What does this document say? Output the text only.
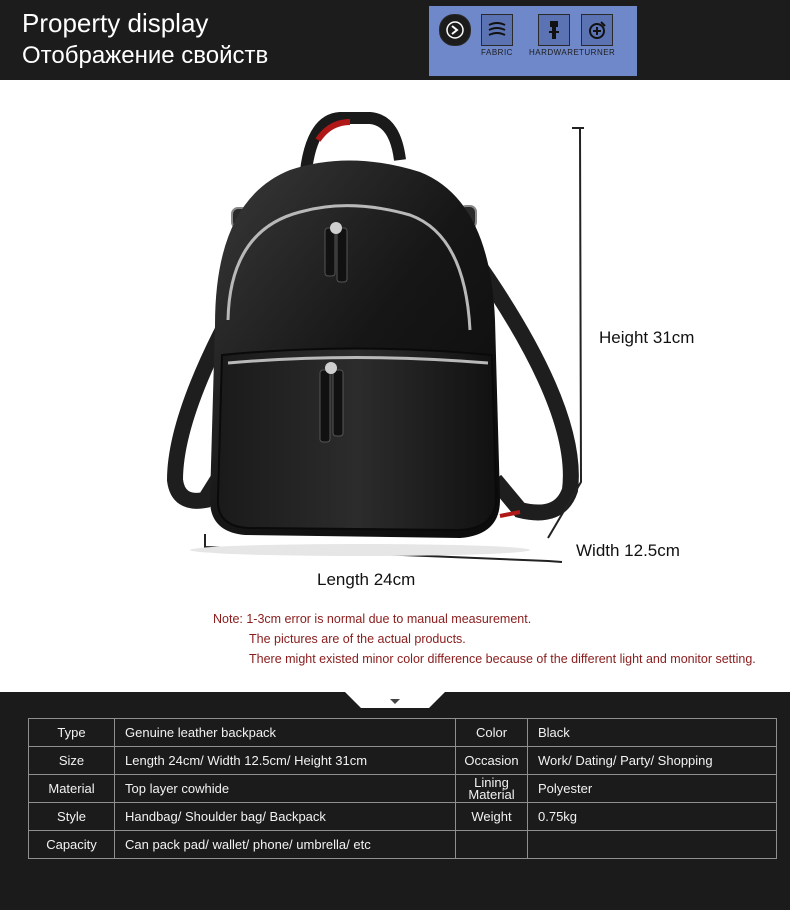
Property display
Отображение свойств	FABRIC HARDWARE TURNER
Height 31cm
Width 12.5cm
Length 24cm
Note: 1-3cm error is normal due to manual measurement.
The pictures are of the actual products.
There might existed minor color difference because of the different light and monitor setting.
Type	Genuine leather backpack	Color	Black
Size	Length 24cm/ Width 12.5cm/ Height 31cm	Occasion	Work/ Dating/ Party/ Shopping
Material	Top layer cowhide	Lining Material	Polyester
Style	Handbag/ Shoulder bag/ Backpack	Weight	0.75kg
Capacity	Can pack pad/ wallet/ phone/ umbrella/ etc		
